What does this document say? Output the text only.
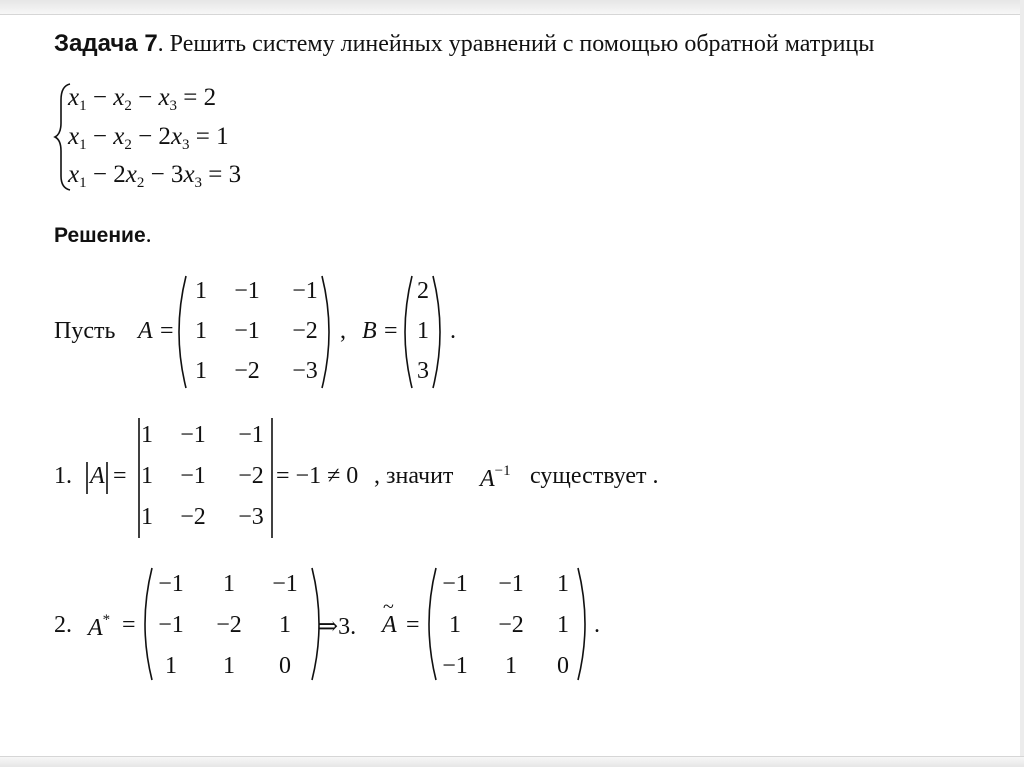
Задача 7. Решить систему линейных уравнений с помощью обратной матрицы
$x_1 - x_2 - x_3 = 2$
$x_1 - x_2 - 2x_3 = 1$
$x_1 - 2x_2 - 3x_3 = 3$
Решение.
Пусть A =
1	−1	−1
1	−1	−2
1	−2	−3
, B =
2
1
3
.
1. A =
1	−1	−1
1	−1	−2
1	−2	−3
= −1 ≠ 0 , значит $A^{-1}$ существует .
2. A* =
−1	1	−1
−1	−2	1
1	1	0
⇒3.
~
A =
−1	−1	1
1	−2	1
−1	1	0
.
